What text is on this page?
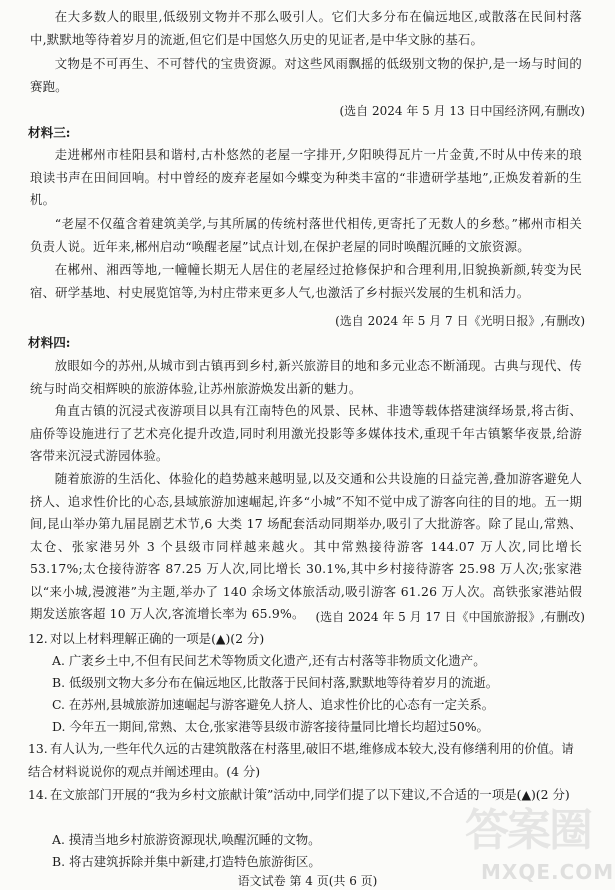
在大多数人的眼里,低级别文物并不那么吸引人。它们大多分布在偏远地区,或散落在民间村落中,默默地等待着岁月的流逝,但它们是中国悠久历史的见证者,是中华文脉的基石。

文物是不可再生、不可替代的宝贵资源。对这些风雨飘摇的低级别文物的保护,是一场与时间的赛跑。

(选自 2024 年 5 月 13 日中国经济网,有删改)

材料三:

走进郴州市桂阳县和谐村,古朴悠然的老屋一字排开,夕阳映得瓦片一片金黄,不时从中传来的琅琅读书声在田间回响。村中曾经的废弃老屋如今蝶变为种类丰富的“非遗研学基地”,正焕发着新的生机。

“老屋不仅蕴含着建筑美学,与其所属的传统村落世代相传,更寄托了无数人的乡愁。”郴州市相关负责人说。近年来,郴州启动“唤醒老屋”试点计划,在保护老屋的同时唤醒沉睡的文旅资源。

在郴州、湘西等地,一幢幢长期无人居住的老屋经过抢修保护和合理利用,旧貌换新颜,转变为民宿、研学基地、村史展览馆等,为村庄带来更多人气,也激活了乡村振兴发展的生机和活力。

(选自 2024 年 5 月 7 日《光明日报》,有删改)

材料四:

放眼如今的苏州,从城市到古镇再到乡村,新兴旅游目的地和多元业态不断涌现。古典与现代、传统与时尚交相辉映的旅游体验,让苏州旅游焕发出新的魅力。

角直古镇的沉浸式夜游项目以具有江南特色的风景、民林、非遗等载体搭建演绎场景,将古街、庙侨等设施进行了艺术亮化提升改造,同时利用激光投影等多媒体技术,重现千年古镇繁华夜景,给游客带来沉浸式游园体验。

随着旅游的生活化、体验化的趋势越来越明显,以及交通和公共设施的日益完善,叠加游客避免人挤人、追求性价比的心态,县域旅游加速崛起,许多“小城”不知不觉中成了游客向往的目的地。五一期间,昆山举办第九届昆剧艺术节,6 大类 17 场配套活动同期举办,吸引了大批游客。除了昆山,常熟、太仓、张家港另外 3 个县级市同样越来越火。其中常熟接待游客 144.07 万人次,同比增长 53.17%;太仓接待游客 87.25 万人次,同比增长 30.1%,其中乡村接待游客 25.98 万人次;张家港以“来小城,漫渡港”为主题,举办了 140 余场文体旅活动,吸引游客 61.26 万人次。高铁张家港站假期发送旅客超 10 万人次,客流增长率为 65.9%。 (选自 2024 年 5 月 17 日《中国旅游报》,有删改)

12. 对以上材料理解正确的一项是(▲)(2 分)

A. 广袤乡土中,不但有民间艺术等物质文化遗产,还有古村落等非物质文化遗产。

B. 低级别文物大多分布在偏远地区,比散落于民间村落,默默地等待着岁月的流逝。

C. 在苏州,县城旅游加速崛起与游客避免人挤人、追求性价比的心态有一定关系。

D. 今年五一期间,常熟、太仓,张家港等县级市游客接待量同比增长均超过50%。

13. 有人认为,一些年代久远的古建筑散落在村落里,破旧不堪,维修成本较大,没有修缮利用的价值。请结合材料说说你的观点并阐述理由。(4 分)

14. 在文旅部门开展的“我为乡村文旅献计策”活动中,同学们提了以下建议,不合适的一项是(▲)(2 分)

A. 摸清当地乡村旅游资源现状,唤醒沉睡的文物。

B. 将古建筑拆除并集中新建,打造特色旅游街区。

语文试卷 第 4 页(共 6 页)

答案圈
MXQE.COM
